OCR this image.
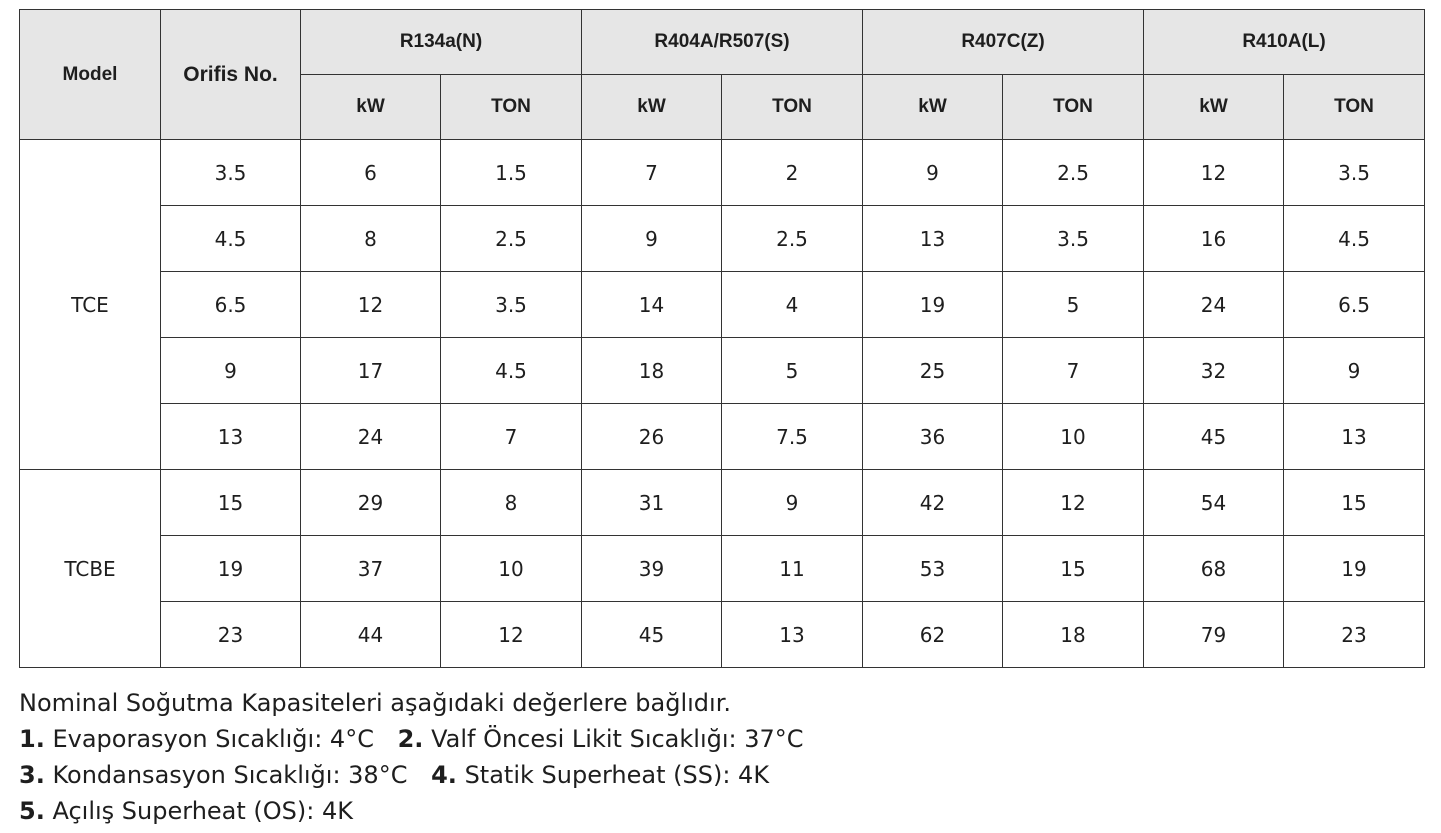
Model	Orifis No.	R134a(N)		R404A/R507(S)		R407C(Z)		R410A(L)	
		kW	TON	kW	TON	kW	TON	kW	TON
TCE	3.5	6	1.5	7	2	9	2.5	12	3.5
	4.5	8	2.5	9	2.5	13	3.5	16	4.5
	6.5	12	3.5	14	4	19	5	24	6.5
	9	17	4.5	18	5	25	7	32	9
	13	24	7	26	7.5	36	10	45	13
TCBE	15	29	8	31	9	42	12	54	15
	19	37	10	39	11	53	15	68	19
	23	44	12	45	13	62	18	79	23
Nominal Soğutma Kapasiteleri aşağıdaki değerlere bağlıdır.
1. Evaporasyon Sıcaklığı: 4°C 2. Valf Öncesi Likit Sıcaklığı: 37°C
3. Kondansasyon Sıcaklığı: 38°C 4. Statik Superheat (SS): 4K
5. Açılış Superheat (OS): 4K
